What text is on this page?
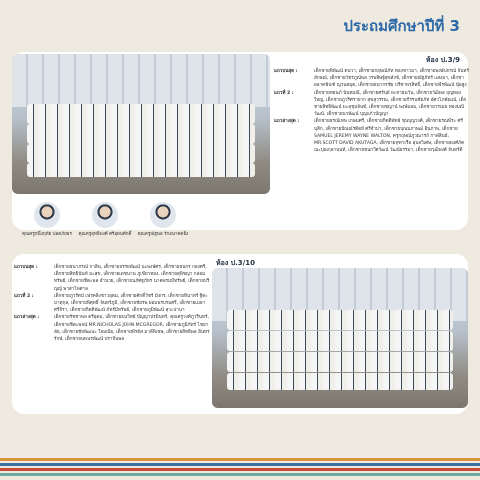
ประถมศึกษาปีที่ 3
ห้อง ป.3/9
แถวบนสุด :	เด็กชายพิพัฒน์ ดนวา, เด็กชายกฤษณ์ภัท ทองขาวมา, เด็กชายพงษ์ปกรณ์ จันทร์ลักษณ์, เด็กชายวัชรภูณ์พล วรพสิษฐ์สุขสังข์, เด็กชายณัฐภัทร์ แสงมา, เด็กชายอาคฟันฑ์ ญวนสมุต, เด็กชายธนากรชัย ปรีชาพรสิทธิ์, เด็กชายจีรพัฒน์ นุ้ยสูง
แถวที่ 2 :	เด็กชายทยนภ์ นันทมณี, เด็กชายศรันย์ ยะหาธนวัน, เด็กชายวัฒิพล บุญทองใหญ่, เด็กชายภูวริศรายาก สุขสุวรรณ, เด็กชายกีรรนชัยภัท อัศวโภคัณณ์, เด็กชายสิทธิพัฒน์ มะลุชุมจันท์, เด็กชายชญาน์ พงษ์มลม, เด็กชายวรเมธ ทองมณีวัฒน์, เด็กชายนวพัฒน์ บุญแก้วปัญญา
แถวล่างสุด :	เด็กชายธรณ์เทพ เกษมศรี, เด็กชายกิตติพัทธ์ ชุนบุญวงศ์, เด็กชายรณพีระ ศรีมุสิก, เด็กชายปัณณ์รดิตย์ ศรีจำปา, เด็กชายปุณมภาพฒ์ อินภาพ, เด็กชาย SAMUEL JEREMY WAYNE WALTON, ครูกฤษณ์ภูวณารถ์ กาฬสินธ์, MR.SCOTT DAVID AKUTAGA, เด็กชายจุฑาเรือ อุบลวิเศษ, เด็กชายพงศ์ภัค ณะปุณกุลานนท์, เด็กชายชนกวีศวัฒน์ วัฒน์ธรรมา, เด็กชายวุฒิพงศ์ จันทร์ดี
คุณครูหนึ่งฤทัย ปอดภัยธร	คุณครูสุทธิพงศ์ ศรีอุดมศักดิ์	คุณครูณัฐพล รักอนาคตยิ่ง
ห้อง ป.3/10
แถวบนสุด :	เด็กชายธนาภรณ์ กาสิน, เด็กชายจรรยพัฒน์ นะพงษ์ศร, เด็กชายธนกร กองศรี, เด็กชายสิทธินันท์ มะสุข, เด็กชายเดชนาน ภูเขียวทอง, เด็กชายสุพิชญา กล่อมทรัพย์, เด็กชายชิตะพล อำนวย, เด็กชายนภัศฐภัทร นาคพรมมีทรัพย์, เด็กชายปริญญ์ พาสาไพศาล
แถวที่ 2 :	เด็กชายภูวรัตน์ เฟรคลิงชาวอุดม, เด็กชายศักดิ์วัชร์ มังกร, เด็กชายทินาทร์ ฐิตะมาตุกุล, เด็กชายพิศุทธิ์ จันทร์ภูมิ, เด็กชายชัยรพ ผอมพรบรมศรี, เด็กชายเมธา ศรีจิรา, เด็กชายกิตติพัฒน์ ภัทร์มีทรัพย์, เด็กชายภูมิพัฒน์ สุวะปานา
แถวล่างสุด :	เด็กชายรัชชาพล ตรีอุดม, เด็กชายธนวิทย์ ปัญญาปรมินทร์, คุณครูวงศ์ภูวรินทร์, เด็กชายชิตะพจน์ MR.NICHOLAS JOHN MCGREGOR, เด็กชายภูมิภัทร์ ไชยาลัย, เด็กชายชัยพัฒนะ ใจมณีย, เด็กชายพีรธัส มาลีพิเชษ, เด็กชายสิทธิพล อินทรรักษ์, เด็กชายนพนรพัฒน์ ปราจีนพล
